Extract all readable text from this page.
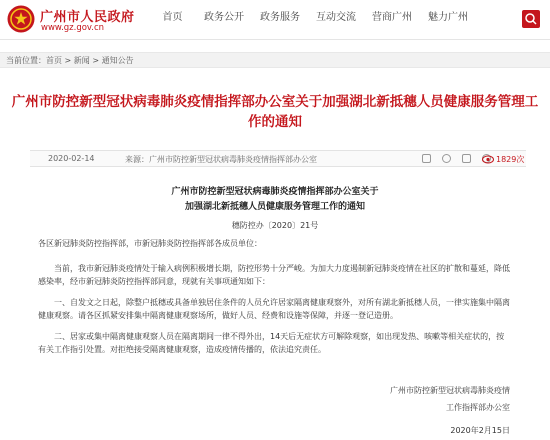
广州市人民政府
www.gz.gov.cn
首页	政务公开	政务服务	互动交流	营商广州	魅力广州
当前位置：首页 > 新闻 > 通知公告
广州市防控新型冠状病毒肺炎疫情指挥部办公室关于加强湖北新抵穗人员健康服务管理工作的通知
2020-02-14	来源：广州市防控新型冠状病毒肺炎疫情指挥部办公室	1829次
广州市防控新型冠状病毒肺炎疫情指挥部办公室关于
加强湖北新抵穗人员健康服务管理工作的通知
穗防控办〔2020〕21号
各区新冠肺炎防控指挥部，市新冠肺炎防控指挥部各成员单位：
当前，我市新冠肺炎疫情处于输入病例积极增长期，防控形势十分严峻。为加大力度遏制新冠肺炎疫情在社区的扩散和蔓延，降低感染率，经市新冠肺炎防控指挥部同意，现就有关事项通知如下：
一、自发文之日起，除整户抵穗或具备单独居住条件的人员允许居家隔离健康观察外，对所有湖北新抵穗人员，一律实施集中隔离健康观察。请各区抓紧安排集中隔离健康观察场所，做好人员、经费和设施等保障，并逐一登记造册。
二、居家或集中隔离健康观察人员在隔离期间一律不得外出，14天后无症状方可解除观察，如出现发热、咳嗽等相关症状的，按有关工作指引处置。对拒绝接受隔离健康观察，造成疫情传播的，依法追究责任。
广州市防控新型冠状病毒肺炎疫情
工作指挥部办公室
2020年2月15日
